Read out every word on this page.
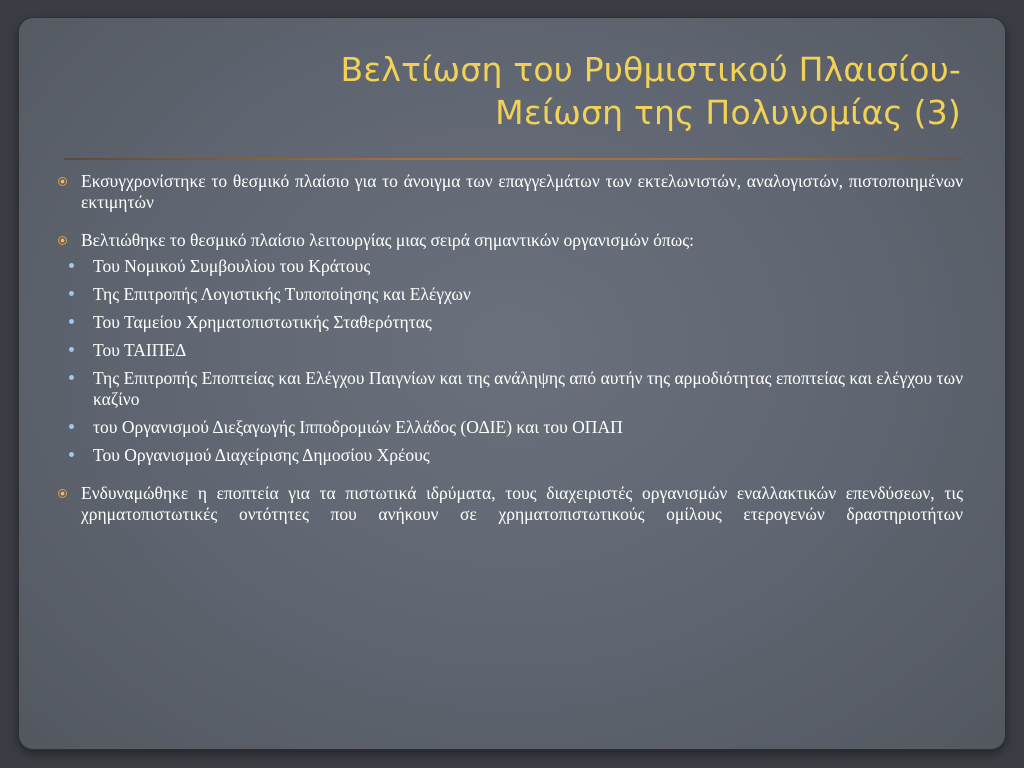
Βελτίωση του Ρυθμιστικού Πλαισίου-
Μείωση της Πολυνομίας (3)
Εκσυγχρονίστηκε το θεσμικό πλαίσιο για το άνοιγμα των επαγγελμάτων των εκτελωνιστών, αναλογιστών, πιστοποιημένων εκτιμητών
Βελτιώθηκε το θεσμικό πλαίσιο λειτουργίας μιας σειρά σημαντικών οργανισμών όπως:
Του Νομικού Συμβουλίου του Κράτους
Της Επιτροπής Λογιστικής Τυποποίησης και Ελέγχων
Του Ταμείου Χρηματοπιστωτικής Σταθερότητας
Του ΤΑΙΠΕΔ
Της Επιτροπής Εποπτείας και Ελέγχου Παιγνίων και της ανάληψης από αυτήν της αρμοδιότητας εποπτείας και ελέγχου των καζίνο
του Οργανισμού Διεξαγωγής Ιπποδρομιών Ελλάδος (ΟΔΙΕ) και του ΟΠΑΠ
Του Οργανισμού Διαχείρισης Δημοσίου Χρέους
Ενδυναμώθηκε η εποπτεία για τα πιστωτικά ιδρύματα, τους διαχειριστές οργανισμών εναλλακτικών επενδύσεων, τις χρηματοπιστωτικές οντότητες που ανήκουν σε χρηματοπιστωτικούς ομίλους ετερογενών δραστηριοτήτων
